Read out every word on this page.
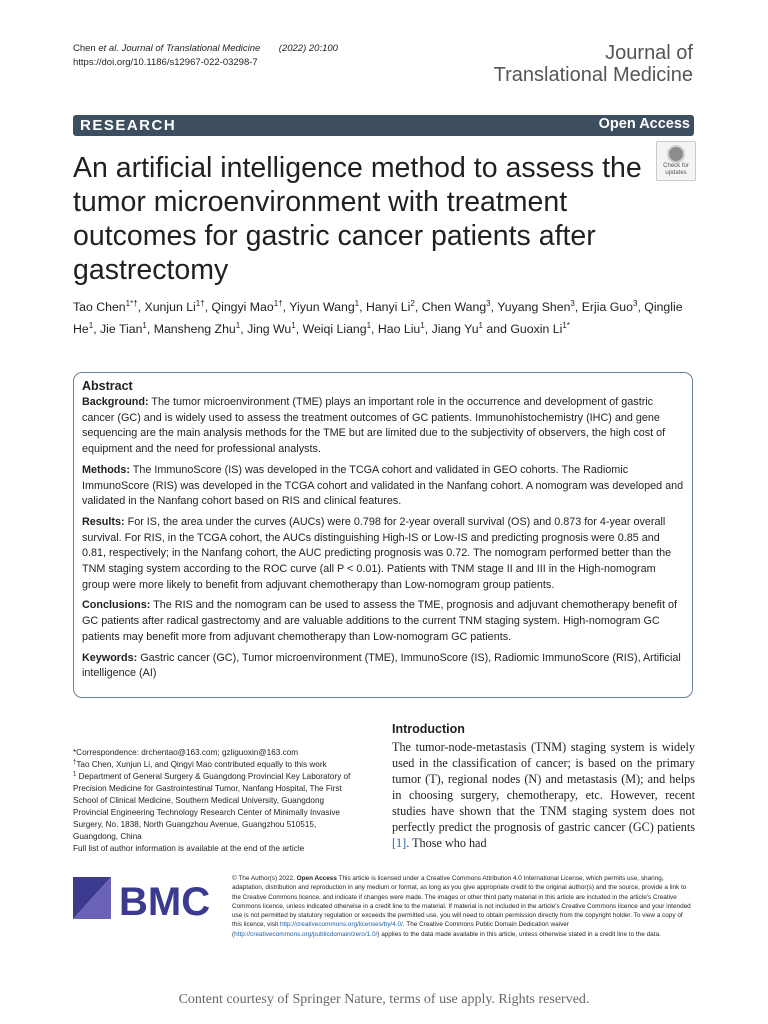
Chen et al. Journal of Translational Medicine (2022) 20:100
https://doi.org/10.1186/s12967-022-03298-7	Journal of
Translational Medicine
RESEARCH	Open Access
An artificial intelligence method to assess the tumor microenvironment with treatment outcomes for gastric cancer patients after gastrectomy
Check for
updates
Tao Chen$^{1*\dagger}$, Xunjun $Li^{1\dagger}$, Qingyi Mao$^{1\dagger}$, Yiyun Wang$^1$, Hanyi Li$^2$, Chen Wang$^3$, Yuyang Shen$^3$, Erjia Guo$^3$, Qinglie He$^1$, Jie Tian$^1$, Mansheng Zhu$^1$, Jing Wu$^1$, Weiqi Liang$^1$, Hao Liu$^1$, Jiang Yu$^1$ and Guoxin $Li^{1*}$
Abstract

Background: The tumor microenvironment (TME) plays an important role in the occurrence and development of gastric cancer (GC) and is widely used to assess the treatment outcomes of GC patients. Immunohistochemistry (IHC) and gene sequencing are the main analysis methods for the TME but are limited due to the subjectivity of observers, the high cost of equipment and the need for professional analysts.

Methods: The ImmunoScore (IS) was developed in the TCGA cohort and validated in GEO cohorts. The Radiomic ImmunoScore (RIS) was developed in the TCGA cohort and validated in the Nanfang cohort. A nomogram was developed and validated in the Nanfang cohort based on RIS and clinical features.

Results: For IS, the area under the curves (AUCs) were 0.798 for 2-year overall survival (OS) and 0.873 for 4-year overall survival. For RIS, in the TCGA cohort, the AUCs distinguishing High-IS or Low-IS and predicting prognosis were 0.85 and 0.81, respectively; in the Nanfang cohort, the AUC predicting prognosis was 0.72. The nomogram performed better than the TNM staging system according to the ROC curve (all P < 0.01). Patients with TNM stage II and III in the High-nomogram group were more likely to benefit from adjuvant chemotherapy than Low-nomogram group patients.

Conclusions: The RIS and the nomogram can be used to assess the TME, prognosis and adjuvant chemotherapy benefit of GC patients after radical gastrectomy and are valuable additions to the current TNM staging system. High-nomogram GC patients may benefit more from adjuvant chemotherapy than Low-nomogram GC patients.

Keywords: Gastric cancer (GC), Tumor microenvironment (TME), ImmunoScore (IS), Radiomic ImmunoScore (RIS), Artificial intelligence (AI)

*Correspondence: drchentao@163.com; gzliguoxin@163.com
†Tao Chen, Xunjun Li, and Qingyi Mao contributed equally to this work
$^1$ Department of General Surgery & Guangdong Provincial Key Laboratory of Precision Medicine for Gastrointestinal Tumor, Nanfang Hospital, The First School of Clinical Medicine, Southern Medical University, Guangdong Provincial Engineering Technology Research Center of Minimally Invasive Surgery, No. 1838, North Guangzhou Avenue, Guangzhou 510515, Guangdong, China
Full list of author information is available at the end of the article
Introduction

The tumor-node-metastasis (TNM) staging system is widely used in the classification of cancer; is based on the primary tumor (T), regional nodes (N) and metastasis (M); and helps in choosing surgery, chemotherapy, etc. However, recent studies have shown that the TNM staging system does not perfectly predict the prognosis of gastric cancer (GC) patients [1]. Those who had

BMC
© The Author(s) 2022. Open Access This article is licensed under a Creative Commons Attribution 4.0 International License, which permits use, sharing, adaptation, distribution and reproduction in any medium or format, as long as you give appropriate credit to the original author(s) and the source, provide a link to the Creative Commons licence, and indicate if changes were made. The images or other third party material in this article are included in the article's Creative Commons licence, unless indicated otherwise in a credit line to the material. If material is not included in the article's Creative Commons licence and your intended use is not permitted by statutory regulation or exceeds the permitted use, you will need to obtain permission directly from the copyright holder. To view a copy of this licence, visit http://creativecommons.org/licenses/by/4.0/. The Creative Commons Public Domain Dedication waiver (http://creativecommons.org/publicdomain/zero/1.0/) applies to the data made available in this article, unless otherwise stated in a credit line to the data.
Content courtesy of Springer Nature, terms of use apply. Rights reserved.
